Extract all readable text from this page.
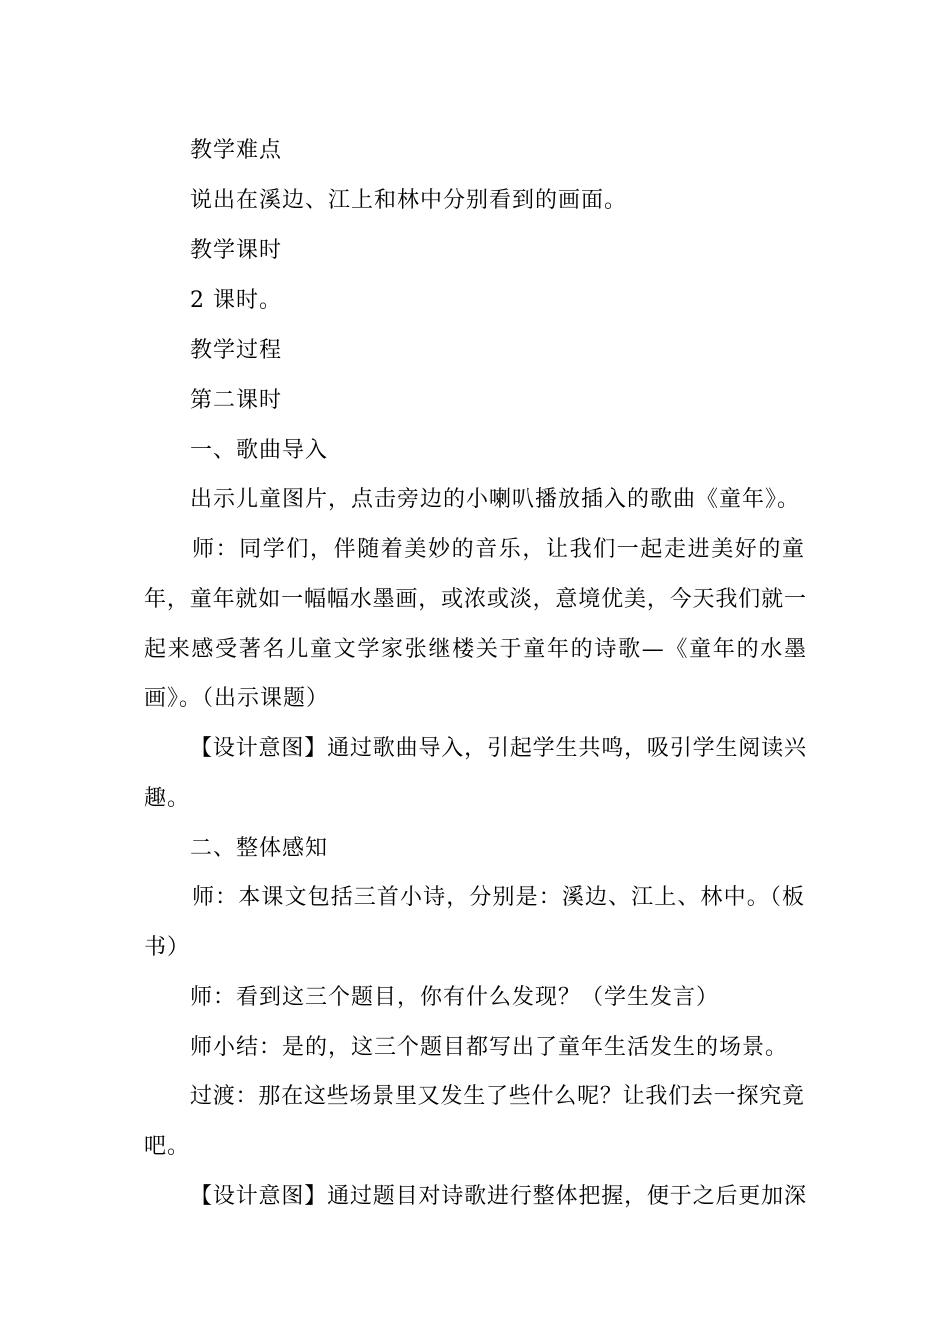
教学难点
说出在溪边、江上和林中分别看到的画面。
教学课时
2 课时。
教学过程
第二课时
一、歌曲导入
出示儿童图片，点击旁边的小喇叭播放插入的歌曲《童年》。
师：同学们，伴随着美妙的音乐，让我们一起走进美好的童
年，童年就如一幅幅水墨画，或浓或淡，意境优美，今天我们就一
起来感受著名儿童文学家张继楼关于童年的诗歌—《童年的水墨
画》。（出示课题）
【设计意图】通过歌曲导入，引起学生共鸣，吸引学生阅读兴
趣。
二、整体感知
师：本课文包括三首小诗，分别是：溪边、江上、林中。（板
书）
师：看到这三个题目，你有什么发现？（学生发言）
师小结：是的，这三个题目都写出了童年生活发生的场景。
过渡：那在这些场景里又发生了些什么呢？让我们去一探究竟
吧。
【设计意图】通过题目对诗歌进行整体把握，便于之后更加深
